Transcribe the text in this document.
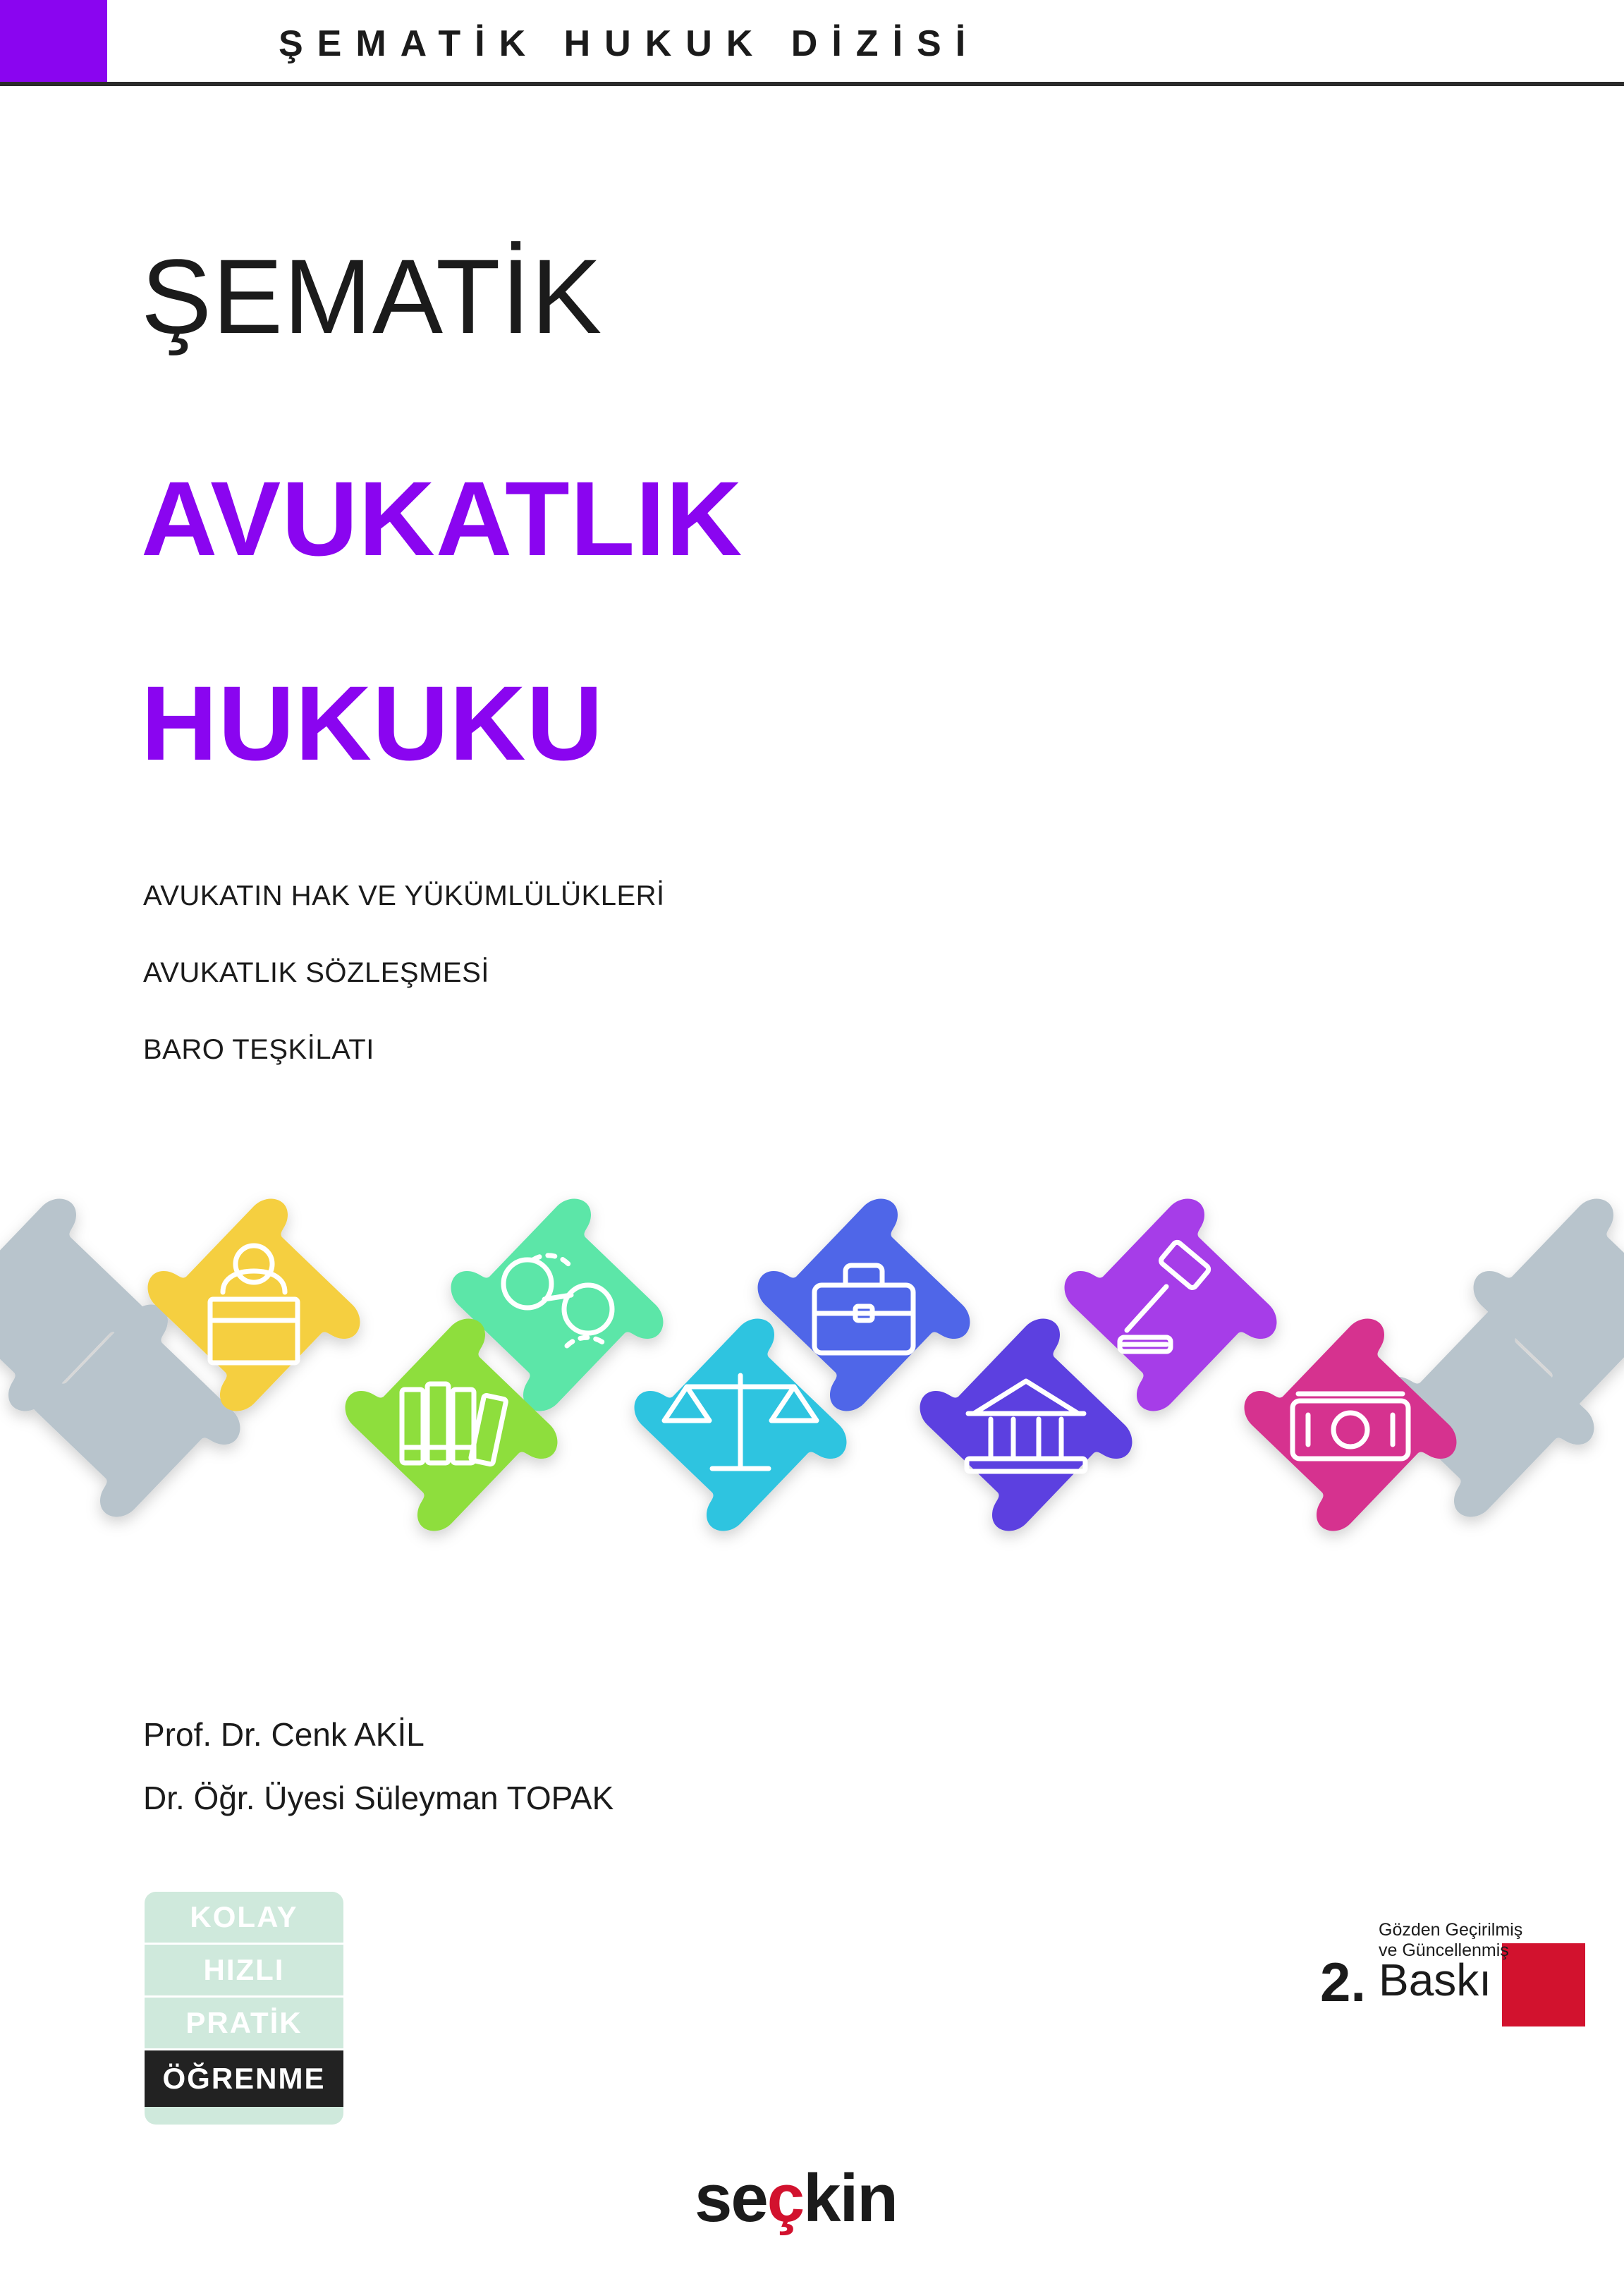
ŞEMATİK HUKUK DİZİSİ
ŞEMATİK
AVUKATLIK
HUKUKU
AVUKATIN HAK VE YÜKÜMLÜLÜKLERİ
AVUKATLIK SÖZLEŞMESİ
BARO TEŞKİLATI
Prof. Dr. Cenk AKİL
Dr. Öğr. Üyesi Süleyman TOPAK
KOLAY
HIZLI
PRATİK
ÖĞRENME
2. Baskı
Gözden Geçirilmiş
ve Güncellenmiş
seçkin
